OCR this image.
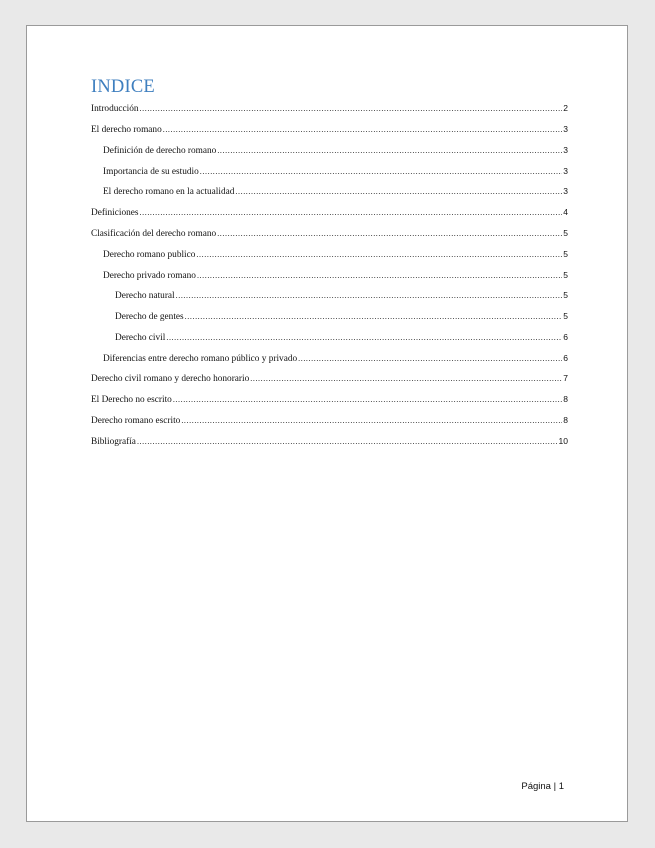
INDICE
Introducción .....	2
El derecho romano .....	3
Definición de derecho romano .....	3
Importancia de su estudio .....	3
El derecho romano en la actualidad .....	3
Definiciones .....	4
Clasificación del derecho romano .....	5
Derecho romano publico .....	5
Derecho privado romano .....	5
Derecho natural .....	5
Derecho de gentes .....	5
Derecho civil .....	6
Diferencias entre derecho romano público y privado .....	6
Derecho civil romano y derecho honorario .....	7
El Derecho no escrito .....	8
Derecho romano escrito .....	8
Bibliografía .....	10
Página | 1
